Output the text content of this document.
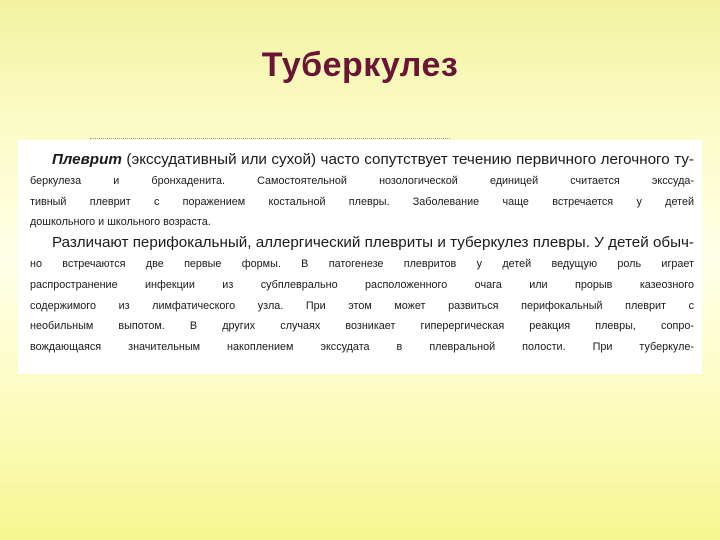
Туберкулез
Плеврит (экссудативный или сухой) часто сопутствует течению первичного легочного ту-
беркулеза и бронхаденита. Самостоятельной нозологической единицей считается экссуда-
тивный плеврит с поражением костальной плевры. Заболевание чаще встречается у детей
дошкольного и школьного возраста.
Различают перифокальный, аллергический плевриты и туберкулез плевры. У детей обыч-
но встречаются две первые формы. В патогенезе плевритов у детей ведущую роль играет
распространение инфекции из субплеврально расположенного очага или прорыв казеозного
содержимого из лимфатического узла. При этом может развиться перифокальный плеврит с
необильным выпотом. В других случаях возникает гиперергическая реакция плевры, сопро-
вождающаяся значительным накоплением экссудата в плевральной полости. При туберкуле-
